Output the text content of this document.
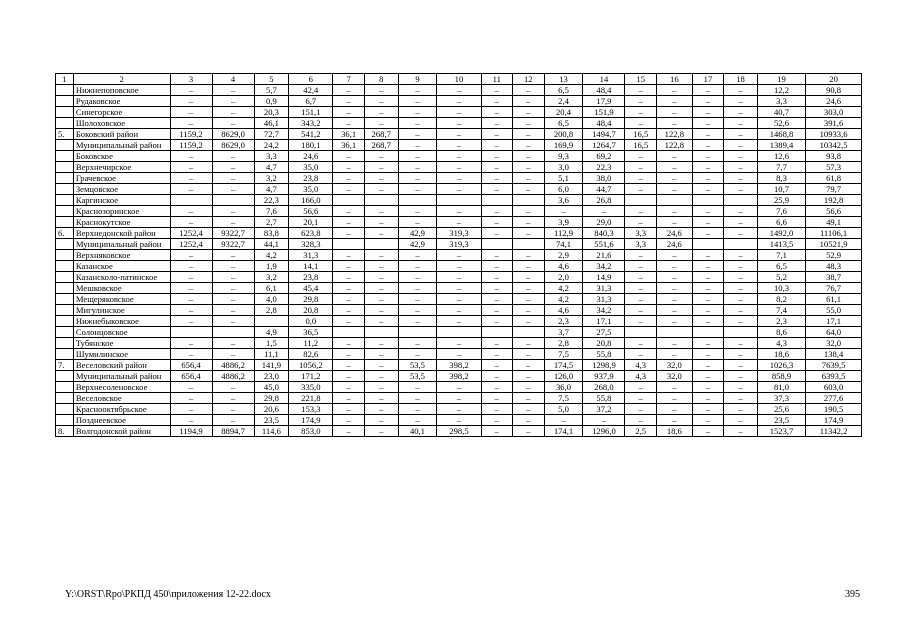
1	2	3	4	5	6	7	8	9	10	11	12	13	14	15	16	17	18	19	20
	Нижнепоповское	–	–	5,7	42,4	–	–	–	–	–	–	6,5	48,4	–	–	–	–	12,2	90,8
	Рудаковское	–	–	0,9	6,7	–	–	–	–	–	–	2,4	17,9	–	–	–	–	3,3	24,6
	Синегорское	–	–	20,3	151,1	–	–	–	–	–	–	20,4	151,9	–	–	–	–	40,7	303,0
	Шолоховское	–	–	46,1	343,2	–	–	–	–	–	–	6,5	48,4	–	–	–	–	52,6	391,6
5.	Боковский район	1159,2	8629,0	72,7	541,2	36,1	268,7	–	–	–	–	200,8	1494,7	16,5	122,8	–	–	1468,8	10933,6
	Муниципальный район	1159,2	8629,0	24,2	180,1	36,1	268,7	–	–	–	–	169,9	1264,7	16,5	122,8	–	–	1389,4	10342,5
	Боковское	–	–	3,3	24,6	–	–	–	–	–	–	9,3	69,2	–	–	–	–	12,6	93,8
	Верхнечирское	–	–	4,7	35,0	–	–	–	–	–	–	3,0	22,3	–	–	–	–	7,7	57,3
	Грачевское	–	–	3,2	23,8	–	–	–	–	–	–	5,1	38,0	–	–	–	–	8,3	61,8
	Земцовское	–	–	4,7	35,0	–	–	–	–	–	–	6,0	44,7	–	–	–	–	10,7	79,7
	Каргинское			22,3	166,0							3,6	26,8					25,9	192,8
	Краснозоринское	–	–	7,6	56,6	–	–	–	–	–	–	–	–	–	–	–	–	7,6	56,6
	Краснокутское	–	–	2,7	20,1	–	–	–	–	–	–	3,9	29,0	–	–	–	–	6,6	49,1
6.	Верхнедонской район	1252,4	9322,7	83,8	623,8	–	–	42,9	319,3	–	–	112,9	840,3	3,3	24,6	–	–	1492,0	11106,1
	Муниципальный район	1252,4	9322,7	44,1	328,3			42,9	319,3			74,1	551,6	3,3	24,6			1413,5	10521,9
	Верхняковское	–	–	4,2	31,3	–	–	–	–	–	–	2,9	21,6	–	–	–	–	7,1	52,9
	Казанское	–	–	1,9	14,1	–	–	–	–	–	–	4,6	34,2	–	–	–	–	6,5	48,3
	Казансколо-патинское	–	–	3,2	23,8	–	–	–	–	–	–	2,0	14,9	–	–	–	–	5,2	38,7
	Мешковское	–	–	6,1	45,4	–	–	–	–	–	–	4,2	31,3	–	–	–	–	10,3	76,7
	Мещеряковское	–	–	4,0	29,8	–	–	–	–	–	–	4,2	31,3	–	–	–	–	8,2	61,1
	Мигулинское	–	–	2,8	20,8	–	–	–	–	–	–	4,6	34,2	–	–	–	–	7,4	55,0
	Нижнебыковское	–	–		0,0	–	–	–	–	–	–	2,3	17,1	–	–	–	–	2,3	17,1
	Солонцовское			4,9	36,5							3,7	27,5					8,6	64,0
	Тубянское	–	–	1,5	11,2	–	–	–	–	–	–	2,8	20,8	–	–	–	–	4,3	32,0
	Шумилинское	–	–	11,1	82,6	–	–	–	–	–	–	7,5	55,8	–	–	–	–	18,6	138,4
7.	Веселовский район	656,4	4886,2	141,9	1056,2	–	–	53,5	398,2	–	–	174,5	1298,9	4,3	32,0	–	–	1026,3	7639,5
	Муниципальный район	656,4	4886,2	23,0	171,2	–	–	53,5	398,2	–	–	126,0	937,9	4,3	32,0	–	–	858,9	6393,5
	Верхнесоленовское	–	–	45,0	335,0	–	–	–	–	–	–	36,0	268,0	–	–	–	–	81,0	603,0
	Веселовское	–	–	29,8	221,8	–	–	–	–	–	–	7,5	55,8	–	–	–	–	37,3	277,6
	Краснооктябрьское	–	–	20,6	153,3	–	–	–	–	–	–	5,0	37,2	–	–	–	–	25,6	190,5
	Позднеевское	–	–	23,5	174,9	–	–	–	–	–	–	–	–	–	–	–	–	23,5	174,9
8.	Волгодонской район	1194,9	8894,7	114,6	853,0	–	–	40,1	298,5	–	–	174,1	1296,0	2,5	18,6	–	–	1523,7	11342,2
Y:\ORST\Rpo\РКПД 450\приложения 12-22.docx	395
